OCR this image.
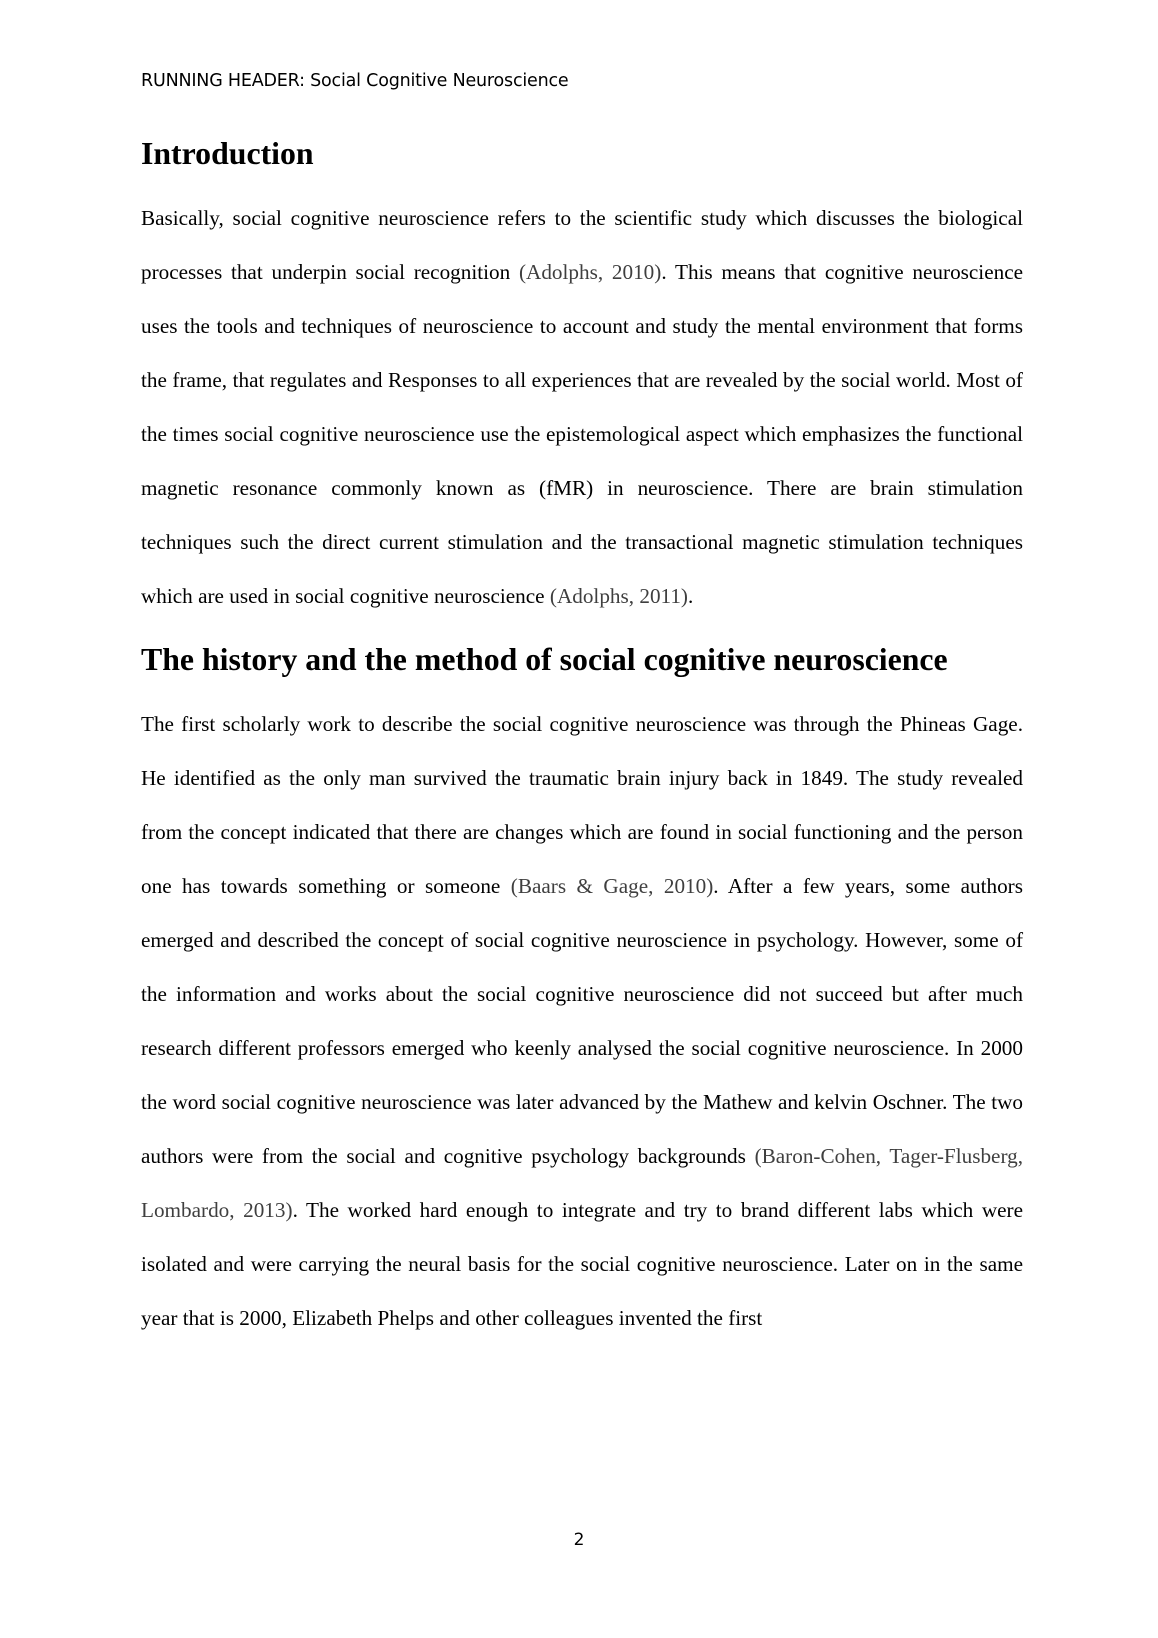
RUNNING HEADER: Social Cognitive Neuroscience
Introduction

Basically, social cognitive neuroscience refers to the scientific study which discusses the biological processes that underpin social recognition (Adolphs, 2010). This means that cognitive neuroscience uses the tools and techniques of neuroscience to account and study the mental environment that forms the frame, that regulates and Responses to all experiences that are revealed by the social world. Most of the times social cognitive neuroscience use the epistemological aspect which emphasizes the functional magnetic resonance commonly known as (fMR) in neuroscience. There are brain stimulation techniques such the direct current stimulation and the transactional magnetic stimulation techniques which are used in social cognitive neuroscience (Adolphs, 2011).

The history and the method of social cognitive neuroscience

The first scholarly work to describe the social cognitive neuroscience was through the Phineas Gage. He identified as the only man survived the traumatic brain injury back in 1849. The study revealed from the concept indicated that there are changes which are found in social functioning and the person one has towards something or someone (Baars & Gage, 2010). After a few years, some authors emerged and described the concept of social cognitive neuroscience in psychology. However, some of the information and works about the social cognitive neuroscience did not succeed but after much research different professors emerged who keenly analysed the social cognitive neuroscience. In 2000 the word social cognitive neuroscience was later advanced by the Mathew and kelvin Oschner. The two authors were from the social and cognitive psychology backgrounds (Baron-Cohen, Tager-Flusberg, Lombardo, 2013). The worked hard enough to integrate and try to brand different labs which were isolated and were carrying the neural basis for the social cognitive neuroscience. Later on in the same year that is 2000, Elizabeth Phelps and other colleagues invented the first

2
